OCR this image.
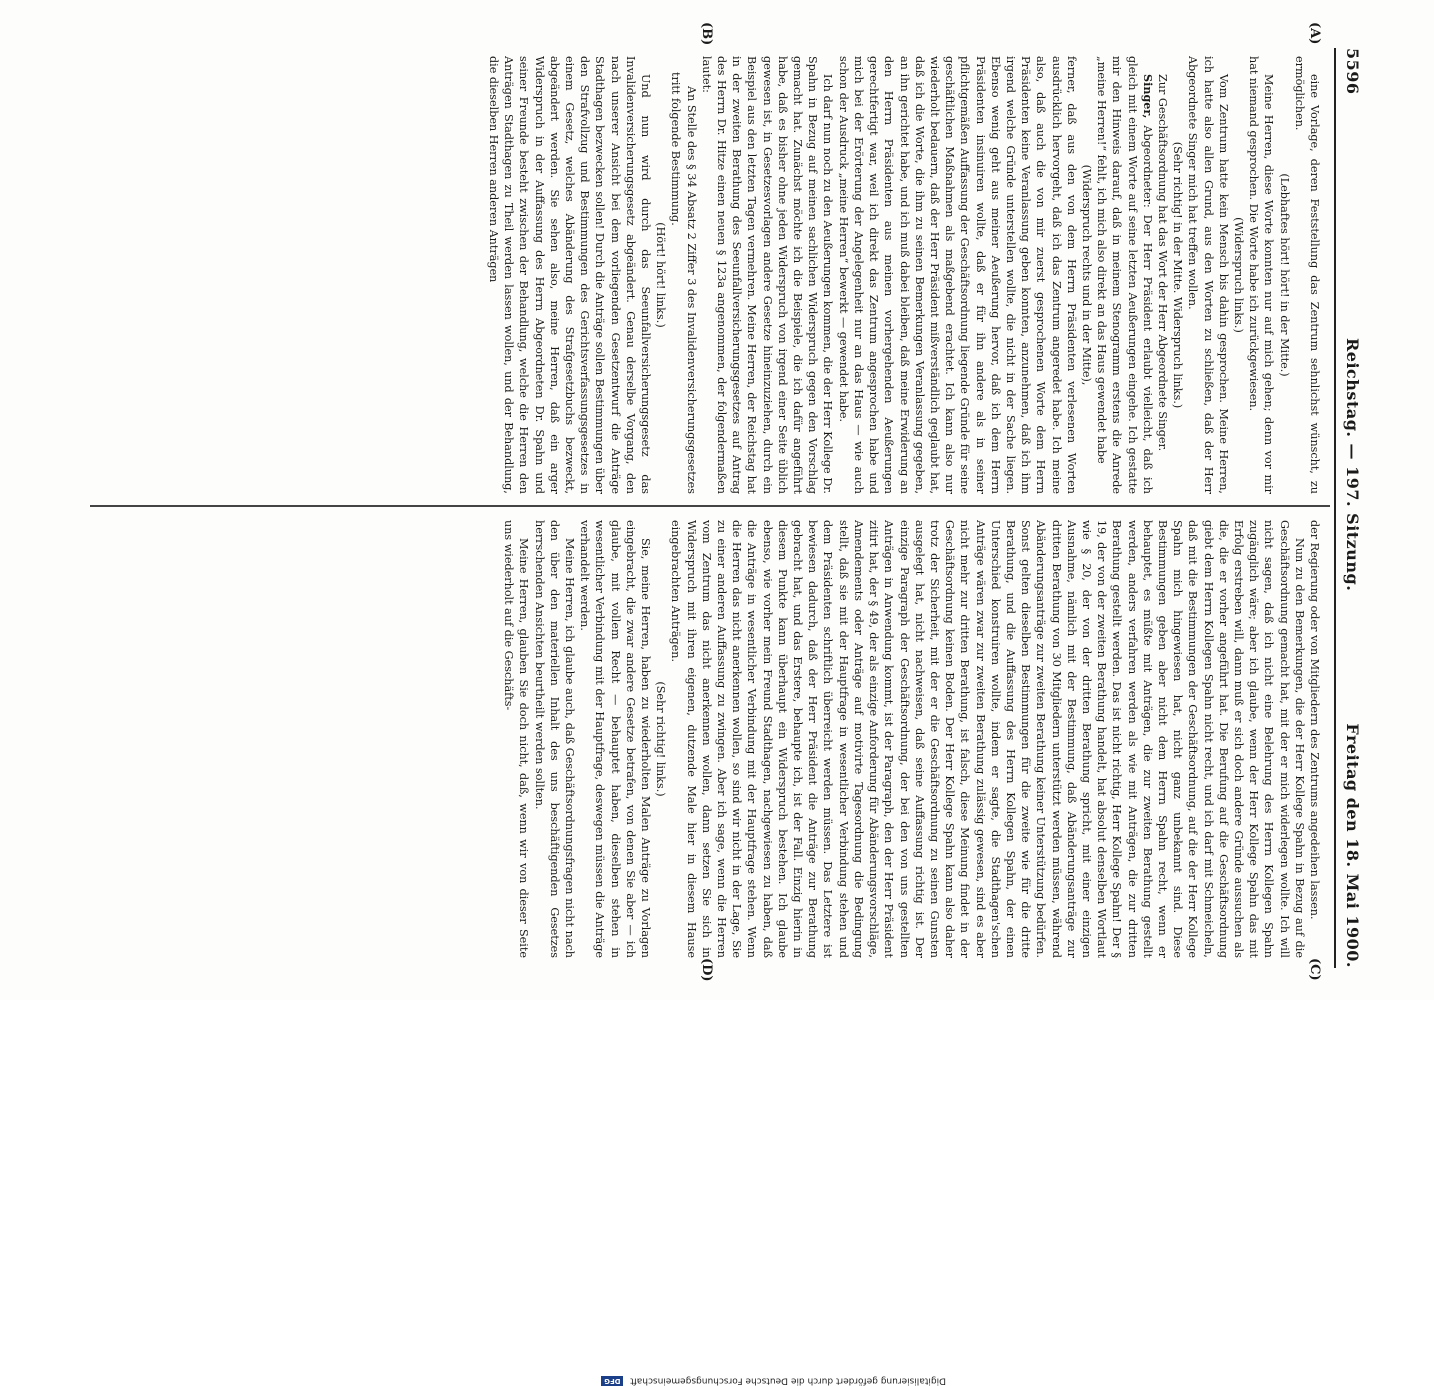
5596
Reichstag. — 197. Sitzung.
Freitag den 18. Mai 1900.
(A)
(B)
(C)
(D)

eine Vorlage, deren Feststellung das Zentrum sehnlichst wünscht, zu ermöglichen.

(Lebhaftes hört! hört! in der Mitte.)

Meine Herren, diese Worte konnten nur auf mich gehen; denn vor mir hat niemand gesprochen. Die Worte habe ich zurückgewiesen.

(Widerspruch links.)

Vom Zentrum hatte kein Mensch bis dahin gesprochen. Meine Herren, ich hatte also allen Grund, aus den Worten zu schließen, daß der Herr Abgeordnete Singer mich hat treffen wollen.

(Sehr richtig! in der Mitte. Widerspruch links.)

Zur Geschäftsordnung hat das Wort der Herr Abgeordnete Singer.

Singer, Abgeordneter: Der Herr Präsident erlaubt vielleicht, daß ich gleich mit einem Worte auf seine letzten Aeußerungen eingehe. Ich gestatte mir den Hinweis darauf, daß in meinem Stenogramm erstens die Anrede „meine Herren!“ fehlt, ich mich also direkt an das Haus gewendet habe

(Widerspruch rechts und in der Mitte),

ferner, daß aus den von dem Herrn Präsidenten verlesenen Worten ausdrücklich hervorgeht, daß ich das Zentrum angeredet habe. Ich meine also, daß auch die von mir zuerst gesprochenen Worte dem Herrn Präsidenten keine Veranlassung geben konnten, anzunehmen, daß ich ihm irgend welche Gründe unterstellen wollte, die nicht in der Sache liegen. Ebenso wenig geht aus meiner Aeußerung hervor, daß ich dem Herrn Präsidenten insinuiren wollte, daß er für ihn andere als in seiner pflichtgemäßen Auffassung der Geschäftsordnung liegende Gründe für seine geschäftlichen Maßnahmen als maßgebend erachtet. Ich kann also nur wiederholt bedauern, daß der Herr Präsident mißverständlich geglaubt hat, daß ich die Worte, die ihm zu seinen Bemerkungen Veranlassung gegeben, an ihn gerichtet habe, und ich muß dabei bleiben, daß meine Erwiderung an den Herrn Präsidenten aus meinen vorhergehenden Aeußerungen gerechtfertigt war, weil ich direkt das Zentrum angesprochen habe und mich bei der Erörterung der Angelegenheit nur an das Haus — wie auch schon der Ausdruck „meine Herren“ bewerkt — gewendet habe.

Ich darf nun noch zu den Aeußerungen kommen, die der Herr Kollege Dr. Spahn in Bezug auf meinen sachlichen Widerspruch gegen den Vorschlag gemacht hat. Zunächst möchte ich die Beispiele, die ich dafür angeführt habe, daß es bisher ohne jeden Widerspruch von irgend einer Seite üblich gewesen ist, in Gesetzesvorlagen andere Gesetze hineinzuziehen, durch ein Beispiel aus den letzten Tagen vermehren. Meine Herren, der Reichstag hat in der zweiten Berathung des Seeunfallversicherungsgesetzes auf Antrag des Herrn Dr. Hitze einen neuen § 123a angenommen, der folgendermaßen lautet:

An Stelle des § 34 Absatz 2 Ziffer 3 des Invalidenversicherungsgesetzes tritt folgende Bestimmung.

(Hört! hört! links.)

Und nun wird durch das Seeunfallversicherungsgesetz das Invalidenversicherungsgesetz abgeändert. Genau derselbe Vorgang, den nach unserer Ansicht bei dem vorliegenden Gesetzentwurf die Anträge Stadthagen bezwecken sollen! Durch die Anträge sollen Bestimmungen über den Strafvollzug und Bestimmungen des Gerichtsverfassungsgesetzes in einem Gesetz, welches Abänderung des Strafgesetzbuchs bezweckt, abgeändert werden. Sie sehen also, meine Herren, daß ein arger Widerspruch in der Auffassung des Herrn Abgeordneten Dr. Spahn und seiner Freunde besteht zwischen der Behandlung, welche die Herren den Anträgen Stadthagen zu Theil werden lassen wollen, und der Behandlung, die dieselben Herren anderen Anträgen

der Regierung oder von Mitgliedern des Zentrums angedeihen lassen.

Nun zu den Bemerkungen, die der Herr Kollege Spahn in Bezug auf die Geschäftsordnung gemacht hat, mit der er mich widerlegen wollte. Ich will nicht sagen, daß ich nicht eine Belehrung des Herrn Kollegen Spahn zugänglich wäre; aber ich glaube, wenn der Herr Kollege Spahn das mit Erfolg erstreben will, dann muß er sich doch andere Gründe aussuchen als die, die er vorher angeführt hat. Die Berufung auf die Geschäftsordnung giebt dem Herrn Kollegen Spahn nicht recht, und ich darf mit Schmeicheln, daß mit die Bestimmungen der Geschäftsordnung, auf die der Herr Kollege Spahn mich hingewiesen hat, nicht ganz unbekannt sind. Diese Bestimmungen geben aber nicht dem Herrn Spahn recht, wenn er behauptet, es müßte mit Anträgen, die zur zweiten Berathung gestellt werden, anders verfahren werden als wie mit Anträgen, die zur dritten Berathung gestellt werden. Das ist nicht richtig, Herr Kollege Spahn! Der § 19, der von der zweiten Berathung handelt, hat absolut denselben Wortlaut wie § 20, der von der dritten Berathung spricht, mit einer einzigen Ausnahme, nämlich mit der Bestimmung, daß Abänderungsanträge zur dritten Berathung von 30 Mitgliedern unterstützt werden müssen, während Abänderungsanträge zur zweiten Berathung keiner Unterstützung bedürfen. Sonst gelten dieselben Bestimmungen für die zweite wie für die dritte Berathung, und die Auffassung des Herrn Kollegen Spahn, der einen Unterschied konstruiren wollte, indem er sagte, die Stadthagen'schen Anträge wären zwar zur zweiten Berathung zulässig gewesen, sind es aber nicht mehr zur dritten Berathung, ist falsch, diese Meinung findet in der Geschäftsordnung keinen Boden. Der Herr Kollege Spahn kann also daher trotz der Sicherheit, mit der er die Geschäftsordnung zu seinen Gunsten ausgelegt hat, nicht nachweisen, daß seine Auffassung richtig ist. Der einzige Paragraph der Geschäftsordnung, der bei den von uns gestellten Anträgen in Anwendung kommt, ist der Paragraph, den der Herr Präsident zitirt hat, der § 49, der als einzige Anforderung für Abänderungsvorschläge, Amendements oder Anträge auf motivirte Tagesordnung die Bedingung stellt, daß sie mit der Hauptfrage in wesentlicher Verbindung stehen und dem Präsidenten schriftlich überreicht werden müssen. Das Letztere ist bewiesen dadurch, daß der Herr Präsident die Anträge zur Berathung gebracht hat, und das Erstere, behaupte ich, ist der Fall. Einzig hierin in diesem Punkte kann überhaupt ein Widerspruch bestehen. Ich glaube ebenso, wie vorher mein Freund Stadthagen, nachgewiesen zu haben, daß die Anträge in wesentlicher Verbindung mit der Hauptfrage stehen. Wenn die Herren das nicht anerkennen wollen, so sind wir nicht in der Lage, Sie zu einer anderen Auffassung zu zwingen. Aber ich sage, wenn die Herren vom Zentrum das nicht anerkennen wollen, dann setzen Sie sich in Widerspruch mit ihren eigenen, dutzende Male hier in diesem Hause eingebrachten Anträgen.

(Sehr richtig! links.)

Sie, meine Herren, haben zu wiederholten Malen Anträge zu Vorlagen eingebracht, die zwar andere Gesetze betrafen, von denen Sie aber — ich glaube, mit vollem Recht — behauptet haben, dieselben stehen in wesentlicher Verbindung mit der Hauptfrage, deswegen müssen die Anträge verhandelt werden.

Meine Herren, ich glaube auch, daß Geschäftsordnungsfragen nicht nach den über den materiellen Inhalt des uns beschäftigenden Gesetzes herrschenden Ansichten beurtheilt werden sollten.

Meine Herren, glauben Sie doch nicht, daß, wenn wir von dieser Seite uns wiederholt auf die Geschäfts-

Digitalisierung gefördert durch die Deutsche Forschungsgemeinschaft DFG
